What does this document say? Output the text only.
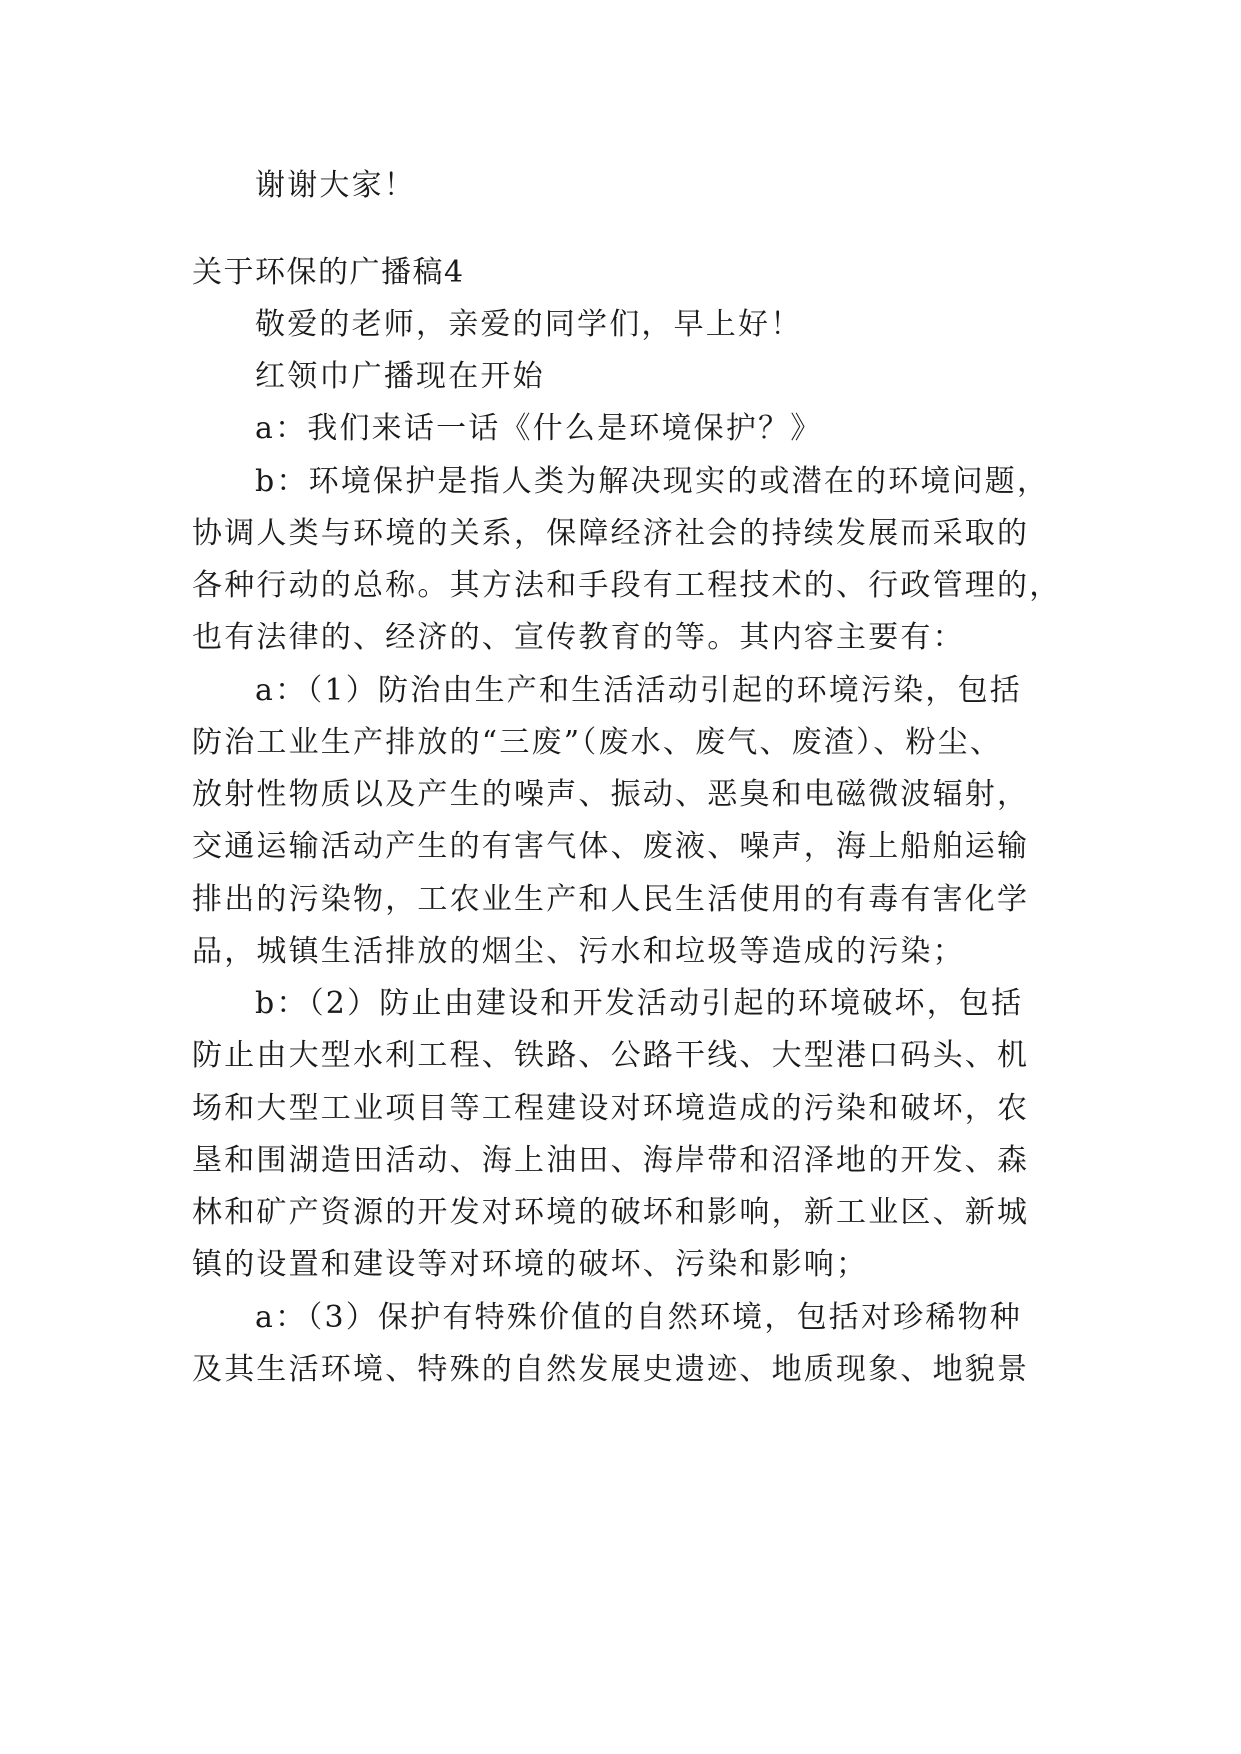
谢谢大家！
关于环保的广播稿4
敬爱的老师，亲爱的同学们，早上好！
红领巾广播现在开始
a：我们来话一话《什么是环境保护？》
b：环境保护是指人类为解决现实的或潜在的环境问题，
协调人类与环境的关系，保障经济社会的持续发展而采取的
各种行动的总称。其方法和手段有工程技术的、行政管理的，
也有法律的、经济的、宣传教育的等。其内容主要有：
a：（1）防治由生产和生活活动引起的环境污染，包括
防治工业生产排放的“三废”（废水、废气、废渣）、粉尘、
放射性物质以及产生的噪声、振动、恶臭和电磁微波辐射，
交通运输活动产生的有害气体、废液、噪声，海上船舶运输
排出的污染物，工农业生产和人民生活使用的有毒有害化学
品，城镇生活排放的烟尘、污水和垃圾等造成的污染；
b：（2）防止由建设和开发活动引起的环境破坏，包括
防止由大型水利工程、铁路、公路干线、大型港口码头、机
场和大型工业项目等工程建设对环境造成的污染和破坏，农
垦和围湖造田活动、海上油田、海岸带和沼泽地的开发、森
林和矿产资源的开发对环境的破坏和影响，新工业区、新城
镇的设置和建设等对环境的破坏、污染和影响；
a：（3）保护有特殊价值的自然环境，包括对珍稀物种
及其生活环境、特殊的自然发展史遗迹、地质现象、地貌景
